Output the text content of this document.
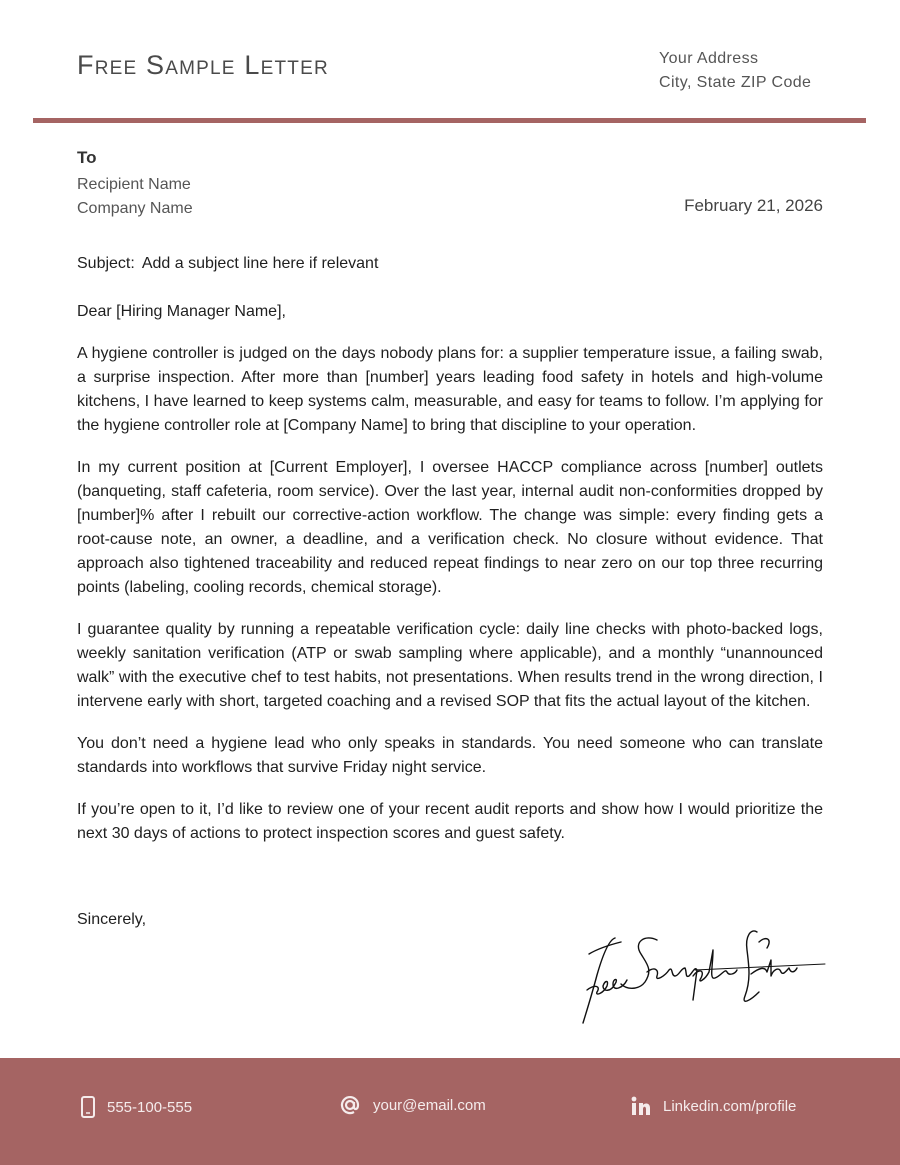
Free Sample Letter	Your Address
City, State ZIP Code
To
Recipient Name
Company Name	February 21, 2026
Subject: Add a subject line here if relevant

Dear [Hiring Manager Name],

A hygiene controller is judged on the days nobody plans for: a supplier temperature issue, a failing swab, a surprise inspection. After more than [number] years leading food safety in hotels and high-volume kitchens, I have learned to keep systems calm, measurable, and easy for teams to follow. I’m applying for the hygiene controller role at [Company Name] to bring that discipline to your operation.

In my current position at [Current Employer], I oversee HACCP compliance across [number] outlets (banqueting, staff cafeteria, room service). Over the last year, internal audit non-conformities dropped by [number]% after I rebuilt our corrective-action workflow. The change was simple: every finding gets a root-cause note, an owner, a deadline, and a verification check. No closure without evidence. That approach also tightened traceability and reduced repeat findings to near zero on our top three recurring points (labeling, cooling records, chemical storage).

I guarantee quality by running a repeatable verification cycle: daily line checks with photo-backed logs, weekly sanitation verification (ATP or swab sampling where applicable), and a monthly “unannounced walk” with the executive chef to test habits, not presentations. When results trend in the wrong direction, I intervene early with short, targeted coaching and a revised SOP that fits the actual layout of the kitchen.

You don’t need a hygiene lead who only speaks in standards. You need someone who can translate standards into workflows that survive Friday night service.

If you’re open to it, I’d like to review one of your recent audit reports and show how I would prioritize the next 30 days of actions to protect inspection scores and guest safety.

Sincerely,
555-100-555	your@email.com	Linkedin.com/profile
